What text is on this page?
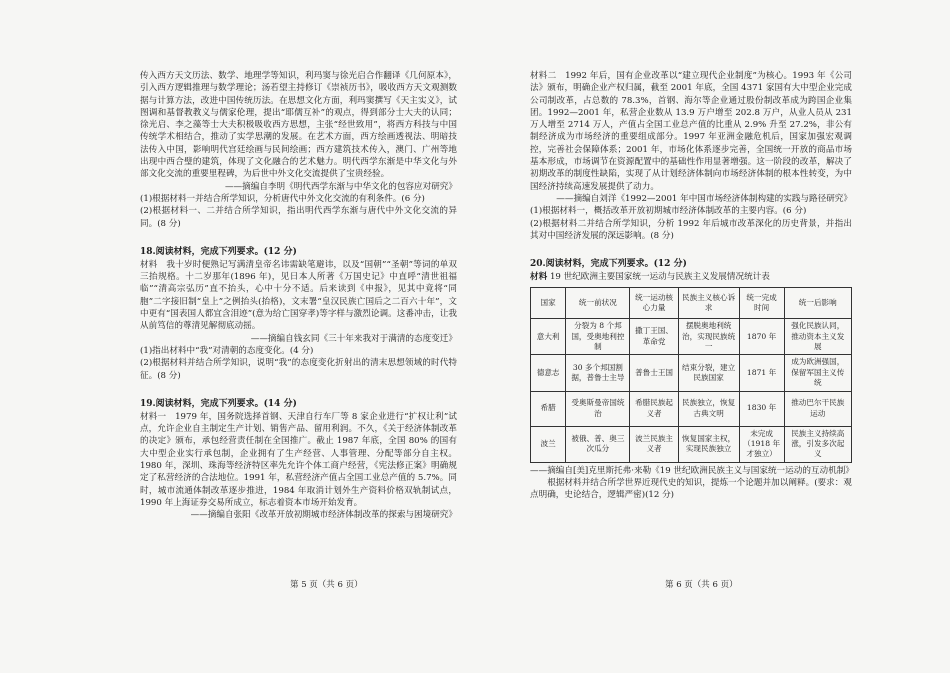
传入西方天文历法、数学、地理学等知识，利玛窦与徐光启合作翻译《几何原本》，引入西方逻辑推理与数学理论；汤若望主持修订《崇祯历书》，吸收西方天文观测数据与计算方法，改进中国传统历法。在思想文化方面，利玛窦撰写《天主实义》，试图调和基督教教义与儒家伦理，提出“耶儒互补”的观点，得到部分士大夫的认同；徐光启、李之藻等士大夫积极吸收西方思想，主张“经世致用”，将西方科技与中国传统学术相结合，推动了实学思潮的发展。在艺术方面，西方绘画透视法、明暗技法传入中国，影响明代宫廷绘画与民间绘画；西方建筑技术传入，澳门、广州等地出现中西合璧的建筑，体现了文化融合的艺术魅力。明代西学东渐是中华文化与外部文化交流的重要里程碑，为后世中外文化交流提供了宝贵经验。

——摘编自李明《明代西学东渐与中华文化的包容应对研究》

(1)根据材料一并结合所学知识，分析唐代中外文化交流的有利条件。(6 分)

(2)根据材料一、二并结合所学知识，指出明代西学东渐与唐代中外文化交流的异同。(8 分)

18.阅读材料，完成下列要求。(12 分)

材料　我十岁时便熟记写满清皇帝名讳需缺笔避讳，以及“国朝”“圣朝”等词的单双三抬规格。十二岁那年(1896 年)，见日本人所著《万国史记》中直呼“清世祖福临”“清高宗弘历”直不抬头，心中十分不适。后来读到《申报》，见其中竟将“同胞”二字接旧制“皇上”之例抬头(抬格)，文末署“皇汉民族亡国后之二百六十年”，文中更有“国表国人都宜含泪迹”(意为给亡国穿孝)等字样与激烈论调。这番冲击，让我从前笃信的尊清见解彻底动摇。

——摘编自钱玄同《三十年来我对于满清的态度变迁》

(1)指出材料中“我”对清朝的态度变化。(4 分)

(2)根据材料并结合所学知识，说明“我”的态度变化折射出的清末思想领域的时代特征。(8 分)

19.阅读材料，完成下列要求。(14 分)

材料一　1979 年，国务院选择首钢、天津自行车厂等 8 家企业进行“扩权让利”试点，允许企业自主制定生产计划、销售产品、留用利润。不久，《关于经济体制改革的决定》颁布，承包经营责任制在全国推广。截止 1987 年底，全国 80% 的国有大中型企业实行承包制，企业拥有了生产经营、人事管理、分配等部分自主权。1980 年，深圳、珠海等经济特区率先允许个体工商户经营，《宪法修正案》明确规定了私营经济的合法地位。1991 年，私营经济产值占全国工业总产值的 5.7%。同时，城市流通体制改革逐步推进，1984 年取消计划外生产资料价格双轨制试点，1990 年上海证券交易所成立，标志着资本市场开始发育。

——摘编自张阳《改革开放初期城市经济体制改革的探索与困境研究》

第 5 页（共 6 页）

材料二　1992 年后，国有企业改革以“建立现代企业制度”为核心。1993 年《公司法》颁布，明确企业产权归属，截至 2001 年底，全国 4371 家国有大中型企业完成公司制改革，占总数的 78.3%，首钢、海尔等企业通过股份制改革成为跨国企业集团。1992—2001 年，私营企业数从 13.9 万户增至 202.8 万户，从业人员从 231 万人增至 2714 万人，产值占全国工业总产值的比重从 2.9% 升至 27.2%，非公有制经济成为市场经济的重要组成部分。1997 年亚洲金融危机后，国家加强宏观调控，完善社会保障体系；2001 年，市场化体系逐步完善，全国统一开放的商品市场基本形成，市场调节在资源配置中的基础性作用显著增强。这一阶段的改革，解决了初期改革的制度性缺陷，实现了从计划经济体制向市场经济体制的根本性转变，为中国经济持续高速发展提供了动力。

——摘编自刘洋《1992—2001 年中国市场经济体制构建的实践与路径研究》

(1)根据材料一，概括改革开放初期城市经济体制改革的主要内容。(6 分)

(2)根据材料二并结合所学知识，分析 1992 年后城市改革深化的历史背景，并指出其对中国经济发展的深远影响。(8 分)

20.阅读材料，完成下列要求。(12 分)

材料 19 世纪欧洲主要国家统一运动与民族主义发展情况统计表

国家	统一前状况	统一运动核心力量	民族主义核心诉求	统一完成时间	统一后影响
意大利	分裂为 8 个邦国，受奥地利控制	撒丁王国、革命党	摆脱奥地利统治，实现民族统一	1870 年	强化民族认同，推动资本主义发展
德意志	30 多个邦国割据，普鲁士主导	普鲁士王国	结束分裂，建立民族国家	1871 年	成为欧洲强国，保留军国主义传统
希腊	受奥斯曼帝国统治	希腊民族起义者	民族独立，恢复古典文明	1830 年	推动巴尔干民族运动
波兰	被俄、普、奥三次瓜分	波兰民族主义者	恢复国家主权，实现民族独立	未完成（1918 年才独立）	民族主义持续高涨，引发多次起义

——摘编自[美]克里斯托弗·来勒《19 世纪欧洲民族主义与国家统一运动的互动机制》

根据材料并结合所学世界近现代史的知识，提炼一个论题并加以阐释。(要求：观点明确，史论结合，逻辑严密)(12 分)

第 6 页（共 6 页）
